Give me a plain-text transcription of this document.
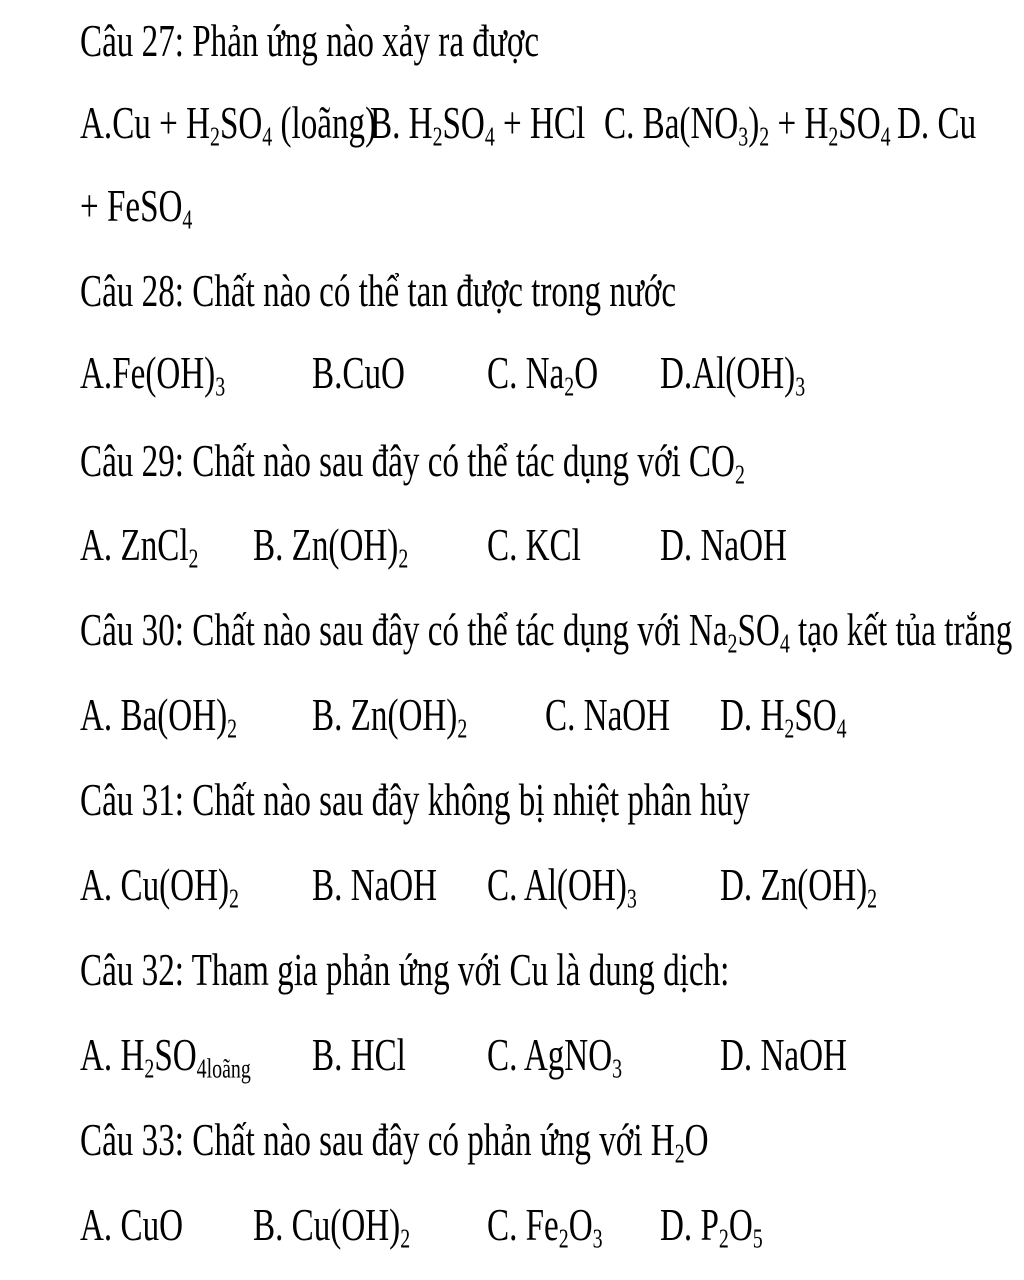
Câu 27: Phản ứng nào xảy ra được
$A.Cu + H_2SO_4$ (loãng)
B. $H_2SO_4$ + HCl C. $Ba(NO_3)_2 + H_2SO_4$ D. Cu
+ FeSO$_4$
Câu 28: Chất nào có thể tan được trong nước
$A.Fe(OH)_3$ B.CuO C. $Na_2O$ $D.Al(OH)_3$
Câu 29: Chất nào sau đây có thể tác dụng với $CO_2$
A. ZnCl$_2$ B. $Zn(OH)_2$ C. KCl D. NaOH
Câu 30: Chất nào sau đây có thể tác dụng với $Na_2SO_4$ tạo kết tủa trắng
A. $Ba(OH)_2$ B. $Zn(OH)_2$ C. NaOH D. $H_2SO_4$
Câu 31: Chất nào sau đây không bị nhiệt phân hủy
A. $Cu(OH)_2$ B. NaOH C. $Al(OH)_3$ D. $Zn(OH)_2$
Câu 32: Tham gia phản ứng với Cu là dung dịch:
A. $H_2SO_{4loãng}$ B. HCl C. AgNO$_3$ D. NaOH
Câu 33: Chất nào sau đây có phản ứng với $H_2O$
A. CuO B. $Cu(OH)_2$ C. $Fe_2O_3$ D. $P_2O_5$
